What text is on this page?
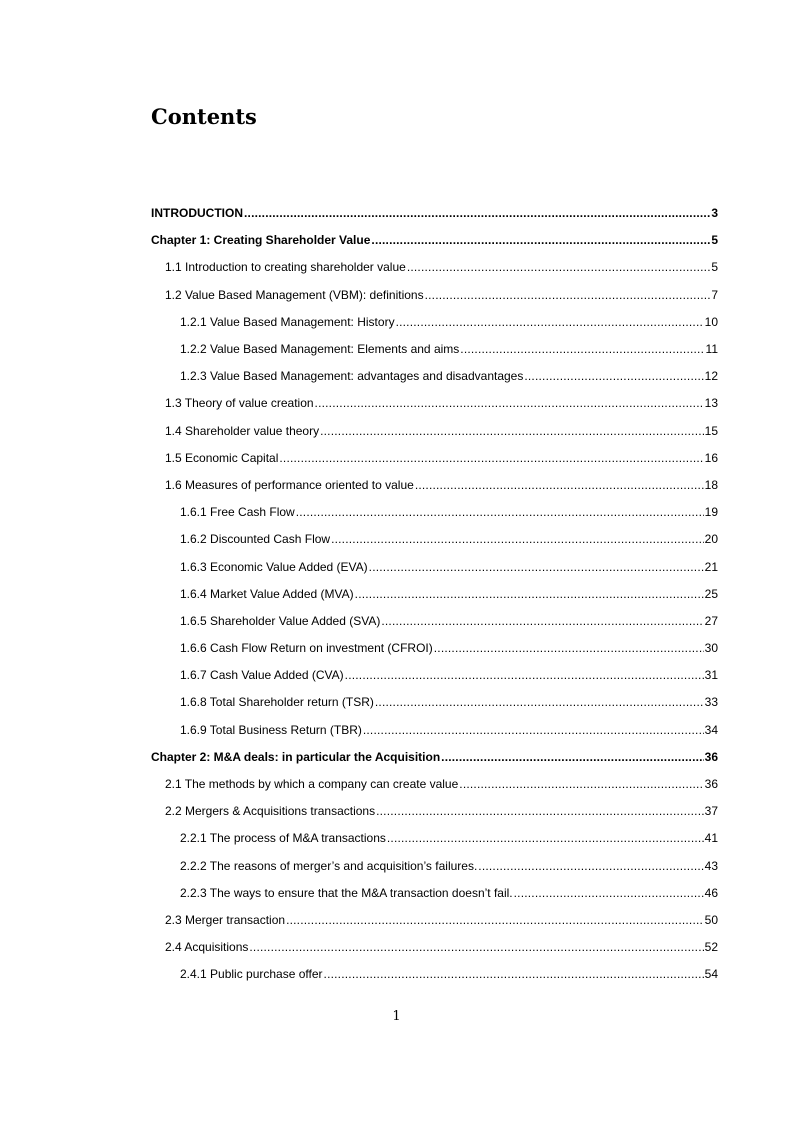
Contents
INTRODUCTION .....	3
Chapter 1: Creating Shareholder Value .....	5
1.1 Introduction to creating shareholder value .....	5
1.2 Value Based Management (VBM): definitions .....	7
1.2.1 Value Based Management: History .....	10
1.2.2 Value Based Management: Elements and aims .....	11
1.2.3 Value Based Management: advantages and disadvantages .....	12
1.3 Theory of value creation .....	13
1.4 Shareholder value theory .....	15
1.5 Economic Capital .....	16
1.6 Measures of performance oriented to value .....	18
1.6.1 Free Cash Flow .....	19
1.6.2 Discounted Cash Flow .....	20
1.6.3 Economic Value Added (EVA) .....	21
1.6.4 Market Value Added (MVA) .....	25
1.6.5 Shareholder Value Added (SVA) .....	27
1.6.6 Cash Flow Return on investment (CFROI) .....	30
1.6.7 Cash Value Added (CVA) .....	31
1.6.8 Total Shareholder return (TSR) .....	33
1.6.9 Total Business Return (TBR) .....	34
Chapter 2: M&A deals: in particular the Acquisition .....	36
2.1 The methods by which a company can create value .....	36
2.2 Mergers & Acquisitions transactions .....	37
2.2.1 The process of M&A transactions .....	41
2.2.2 The reasons of merger’s and acquisition’s failures. .....	43
2.2.3 The ways to ensure that the M&A transaction doesn’t fail. .....	46
2.3 Merger transaction .....	50
2.4 Acquisitions .....	52
2.4.1 Public purchase offer .....	54
1
